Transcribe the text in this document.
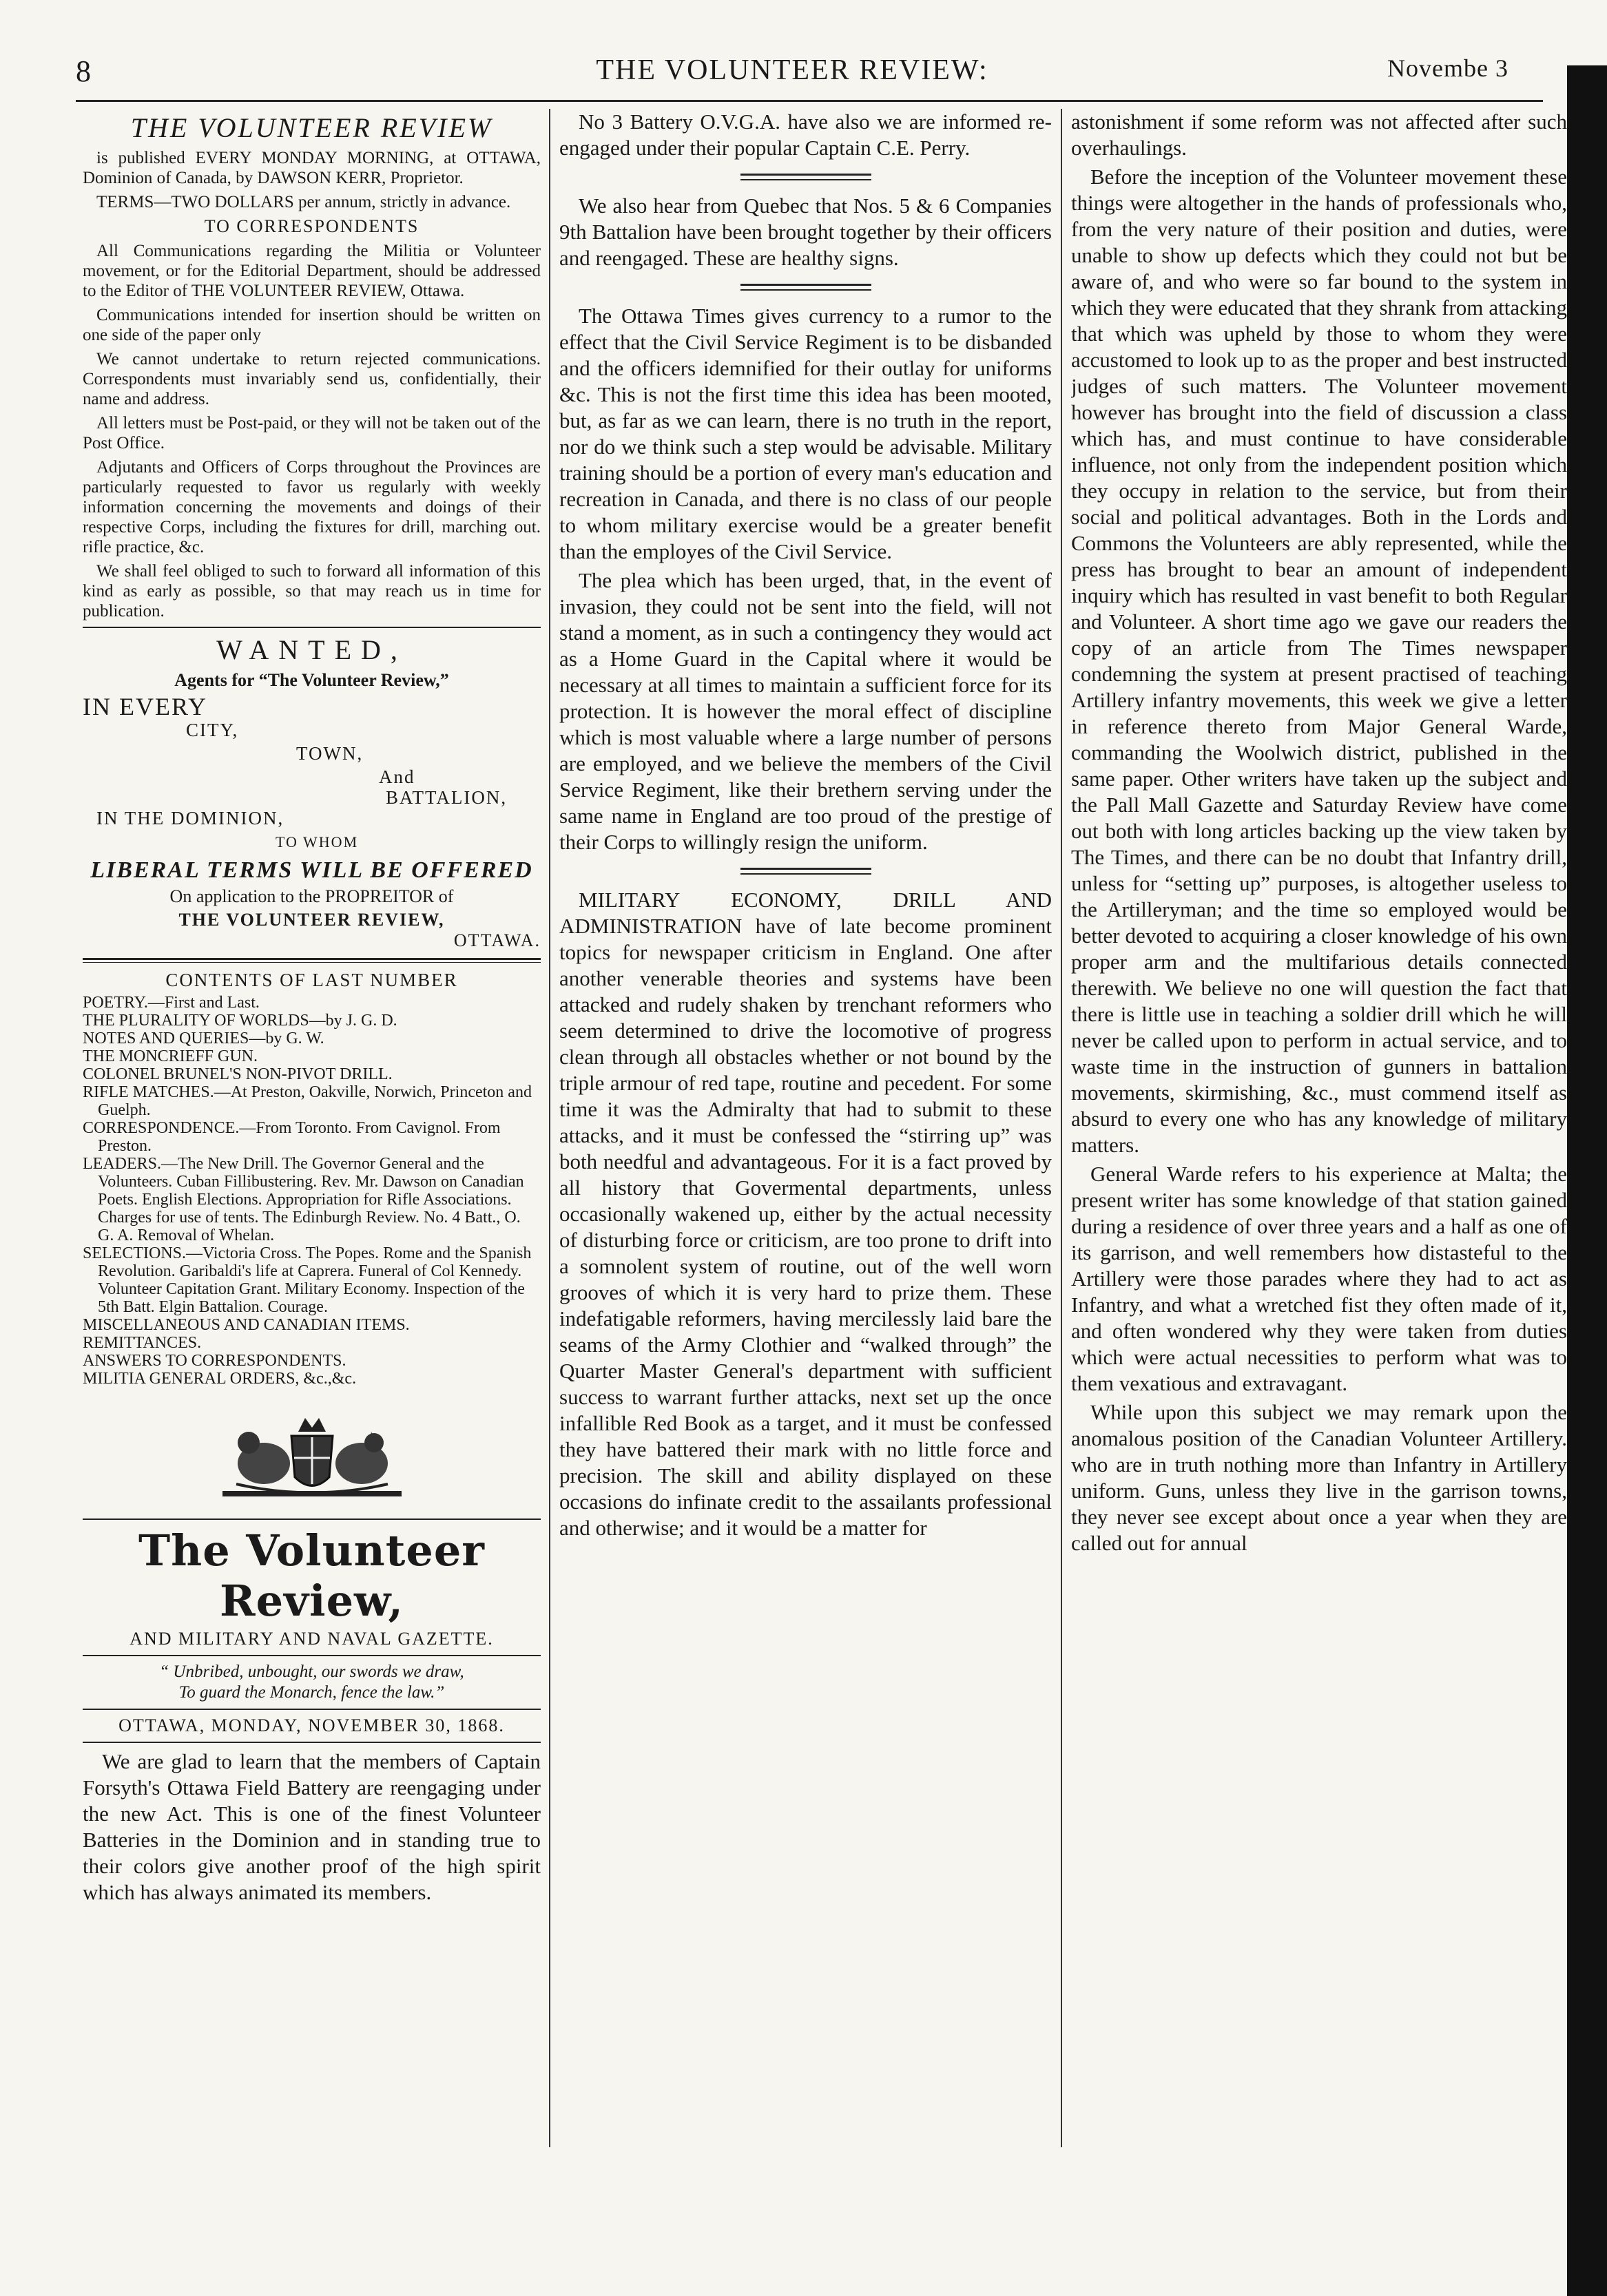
8	THE VOLUNTEER REVIEW:	Novembe 3
THE VOLUNTEER REVIEW

is published EVERY MONDAY MORNING, at OTTAWA, Dominion of Canada, by DAWSON KERR, Proprietor.

TERMS—TWO DOLLARS per annum, strictly in advance.

TO CORRESPONDENTS

All Communications regarding the Militia or Volunteer movement, or for the Editorial Department, should be addressed to the Editor of THE VOLUNTEER REVIEW, Ottawa.

Communications intended for insertion should be written on one side of the paper only

We cannot undertake to return rejected communications. Correspondents must invariably send us, confidentially, their name and address.

All letters must be Post-paid, or they will not be taken out of the Post Office.

Adjutants and Officers of Corps throughout the Provinces are particularly requested to favor us regularly with weekly information concerning the movements and doings of their respective Corps, including the fixtures for drill, marching out. rifle practice, &c.

We shall feel obliged to such to forward all information of this kind as early as possible, so that may reach us in time for publication.

WANTED,
Agents for “The Volunteer Review,”
IN EVERY
CITY,
TOWN,
And
BATTALION,
IN THE DOMINION,
TO WHOM
LIBERAL TERMS WILL BE OFFERED
On application to the PROPREITOR of
THE VOLUNTEER REVIEW,
OTTAWA.
CONTENTS OF LAST NUMBER
POETRY.—First and Last.
THE PLURALITY OF WORLDS—by J. G. D.
NOTES AND QUERIES—by G. W.
THE MONCRIEFF GUN.
COLONEL BRUNEL'S NON-PIVOT DRILL.
RIFLE MATCHES.—At Preston, Oakville, Norwich, Princeton and Guelph.
CORRESPONDENCE.—From Toronto. From Cavignol. From Preston.
LEADERS.—The New Drill. The Governor General and the Volunteers. Cuban Fillibustering. Rev. Mr. Dawson on Canadian Poets. English Elections. Appropriation for Rifle Associations. Charges for use of tents. The Edinburgh Review. No. 4 Batt., O. G. A. Removal of Whelan.
SELECTIONS.—Victoria Cross. The Popes. Rome and the Spanish Revolution. Garibaldi's life at Caprera. Funeral of Col Kennedy. Volunteer Capitation Grant. Military Economy. Inspection of the 5th Batt. Elgin Battalion. Courage.
MISCELLANEOUS AND CANADIAN ITEMS.
REMITTANCES.
ANSWERS TO CORRESPONDENTS.
MILITIA GENERAL ORDERS, &c.,&c.
The Volunteer Review,
AND MILITARY AND NAVAL GAZETTE.
“ Unbribed, unbought, our swords we draw,
To guard the Monarch, fence the law.”
OTTAWA, MONDAY, NOVEMBER 30, 1868.

We are glad to learn that the members of Captain Forsyth's Ottawa Field Battery are reengaging under the new Act. This is one of the finest Volunteer Batteries in the Dominion and in standing true to their colors give another proof of the high spirit which has always animated its members.

No 3 Battery O.V.G.A. have also we are informed re-engaged under their popular Captain C.E. Perry.

We also hear from Quebec that Nos. 5 & 6 Companies 9th Battalion have been brought together by their officers and reengaged. These are healthy signs.

The Ottawa Times gives currency to a rumor to the effect that the Civil Service Regiment is to be disbanded and the officers idemnified for their outlay for uniforms &c. This is not the first time this idea has been mooted, but, as far as we can learn, there is no truth in the report, nor do we think such a step would be advisable. Military training should be a portion of every man's education and recreation in Canada, and there is no class of our people to whom military exercise would be a greater benefit than the employes of the Civil Service.

The plea which has been urged, that, in the event of invasion, they could not be sent into the field, will not stand a moment, as in such a contingency they would act as a Home Guard in the Capital where it would be necessary at all times to maintain a sufficient force for its protection. It is however the moral effect of discipline which is most valuable where a large number of persons are employed, and we believe the members of the Civil Service Regiment, like their brethern serving under the same name in England are too proud of the prestige of their Corps to willingly resign the uniform.

MILITARY ECONOMY, DRILL AND ADMINISTRATION have of late become prominent topics for newspaper criticism in England. One after another venerable theories and systems have been attacked and rudely shaken by trenchant reformers who seem determined to drive the locomotive of progress clean through all obstacles whether or not bound by the triple armour of red tape, routine and pecedent. For some time it was the Admiralty that had to submit to these attacks, and it must be confessed the “stirring up” was both needful and advantageous. For it is a fact proved by all history that Govermental departments, unless occasionally wakened up, either by the actual necessity of disturbing force or criticism, are too prone to drift into a somnolent system of routine, out of the well worn grooves of which it is very hard to prize them. These indefatigable reformers, having mercilessly laid bare the seams of the Army Clothier and “walked through” the Quarter Master General's department with sufficient success to warrant further attacks, next set up the once infallible Red Book as a target, and it must be confessed they have battered their mark with no little force and precision. The skill and ability displayed on these occasions do infinate credit to the assailants professional and otherwise; and it would be a matter for

astonishment if some reform was not affected after such overhaulings.

Before the inception of the Volunteer movement these things were altogether in the hands of professionals who, from the very nature of their position and duties, were unable to show up defects which they could not but be aware of, and who were so far bound to the system in which they were educated that they shrank from attacking that which was upheld by those to whom they were accustomed to look up to as the proper and best instructed judges of such matters. The Volunteer movement however has brought into the field of discussion a class which has, and must continue to have considerable influence, not only from the independent position which they occupy in relation to the service, but from their social and political advantages. Both in the Lords and Commons the Volunteers are ably represented, while the press has brought to bear an amount of independent inquiry which has resulted in vast benefit to both Regular and Volunteer. A short time ago we gave our readers the copy of an article from The Times newspaper condemning the system at present practised of teaching Artillery infantry movements, this week we give a letter in reference thereto from Major General Warde, commanding the Woolwich district, published in the same paper. Other writers have taken up the subject and the Pall Mall Gazette and Saturday Review have come out both with long articles backing up the view taken by The Times, and there can be no doubt that Infantry drill, unless for “setting up” purposes, is altogether useless to the Artilleryman; and the time so employed would be better devoted to acquiring a closer knowledge of his own proper arm and the multifarious details connected therewith. We believe no one will question the fact that there is little use in teaching a soldier drill which he will never be called upon to perform in actual service, and to waste time in the instruction of gunners in battalion movements, skirmishing, &c., must commend itself as absurd to every one who has any knowledge of military matters.

General Warde refers to his experience at Malta; the present writer has some knowledge of that station gained during a residence of over three years and a half as one of its garrison, and well remembers how distasteful to the Artillery were those parades where they had to act as Infantry, and what a wretched fist they often made of it, and often wondered why they were taken from duties which were actual necessities to perform what was to them vexatious and extravagant.

While upon this subject we may remark upon the anomalous position of the Canadian Volunteer Artillery. who are in truth nothing more than Infantry in Artillery uniform. Guns, unless they live in the garrison towns, they never see except about once a year when they are called out for annual
